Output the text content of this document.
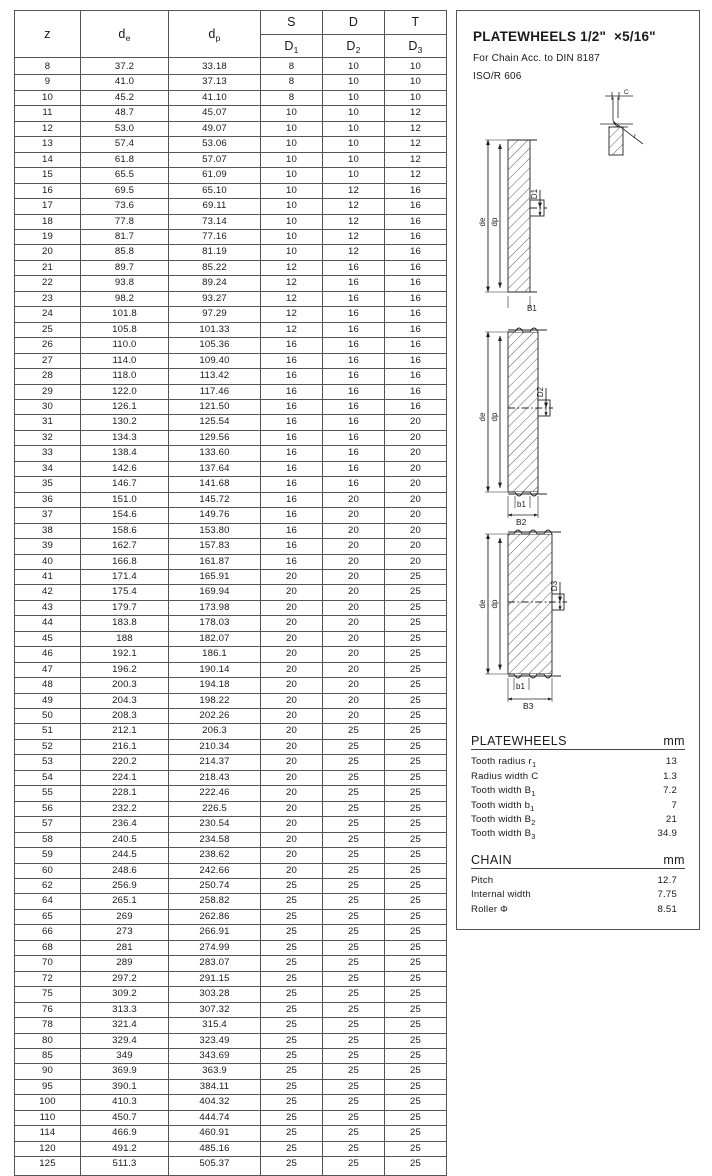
z	$d_e$	$d_p$	S	D	T
			$D_1$	$D_2$	$D_3$
8	37.2	33.18	8	10	10
9	41.0	37.13	8	10	10
10	45.2	41.10	8	10	10
11	48.7	45.07	10	10	12
12	53.0	49.07	10	10	12
13	57.4	53.06	10	10	12
14	61.8	57.07	10	10	12
15	65.5	61.09	10	10	12
16	69.5	65.10	10	12	16
17	73.6	69.11	10	12	16
18	77.8	73.14	10	12	16
19	81.7	77.16	10	12	16
20	85.8	81.19	10	12	16
21	89.7	85.22	12	16	16
22	93.8	89.24	12	16	16
23	98.2	93.27	12	16	16
24	101.8	97.29	12	16	16
25	105.8	101.33	12	16	16
26	110.0	105.36	16	16	16
27	114.0	109.40	16	16	16
28	118.0	113.42	16	16	16
29	122.0	117.46	16	16	16
30	126.1	121.50	16	16	16
31	130.2	125.54	16	16	20
32	134.3	129.56	16	16	20
33	138.4	133.60	16	16	20
34	142.6	137.64	16	16	20
35	146.7	141.68	16	16	20
36	151.0	145.72	16	20	20
37	154.6	149.76	16	20	20
38	158.6	153.80	16	20	20
39	162.7	157.83	16	20	20
40	166.8	161.87	16	20	20
41	171.4	165.91	20	20	25
42	175.4	169.94	20	20	25
43	179.7	173.98	20	20	25
44	183.8	178.03	20	20	25
45	188	182.07	20	20	25
46	192.1	186.1	20	20	25
47	196.2	190.14	20	20	25
48	200.3	194.18	20	20	25
49	204.3	198.22	20	20	25
50	208.3	202.26	20	20	25
51	212.1	206.3	20	25	25
52	216.1	210.34	20	25	25
53	220.2	214.37	20	25	25
54	224.1	218.43	20	25	25
55	228.1	222.46	20	25	25
56	232.2	226.5	20	25	25
57	236.4	230.54	20	25	25
58	240.5	234.58	20	25	25
59	244.5	238.62	20	25	25
60	248.6	242.66	20	25	25
62	256.9	250.74	25	25	25
64	265.1	258.82	25	25	25
65	269	262.86	25	25	25
66	273	266.91	25	25	25
68	281	274.99	25	25	25
70	289	283.07	25	25	25
72	297.2	291.15	25	25	25
75	309.2	303.28	25	25	25
76	313.3	307.32	25	25	25
78	321.4	315.4	25	25	25
80	329.4	323.49	25	25	25
85	349	343.69	25	25	25
90	369.9	363.9	25	25	25
95	390.1	384.11	25	25	25
100	410.3	404.32	25	25	25
110	450.7	444.74	25	25	25
114	466.9	460.91	25	25	25
120	491.2	485.16	25	25	25
125	511.3	505.37	25	25	25
PLATEWHEELS 1/2"  ×5/16"
For Chain Acc. to DIN 8187
ISO/R 606
C
r
de dp
D1
B1
de dp
D2
b1
B2
de dp
D3
b1
B3
PLATEWHEELS	mm
Tooth radius $r_1$	13
Radius width C	1.3
Tooth width $B_1$	7.2
Tooth width $b_1$	7
Tooth width $B_2$	21
Tooth width $B_3$	34.9
CHAIN	mm
Pitch	12.7
Internal width	7.75
Roller Φ	8.51
